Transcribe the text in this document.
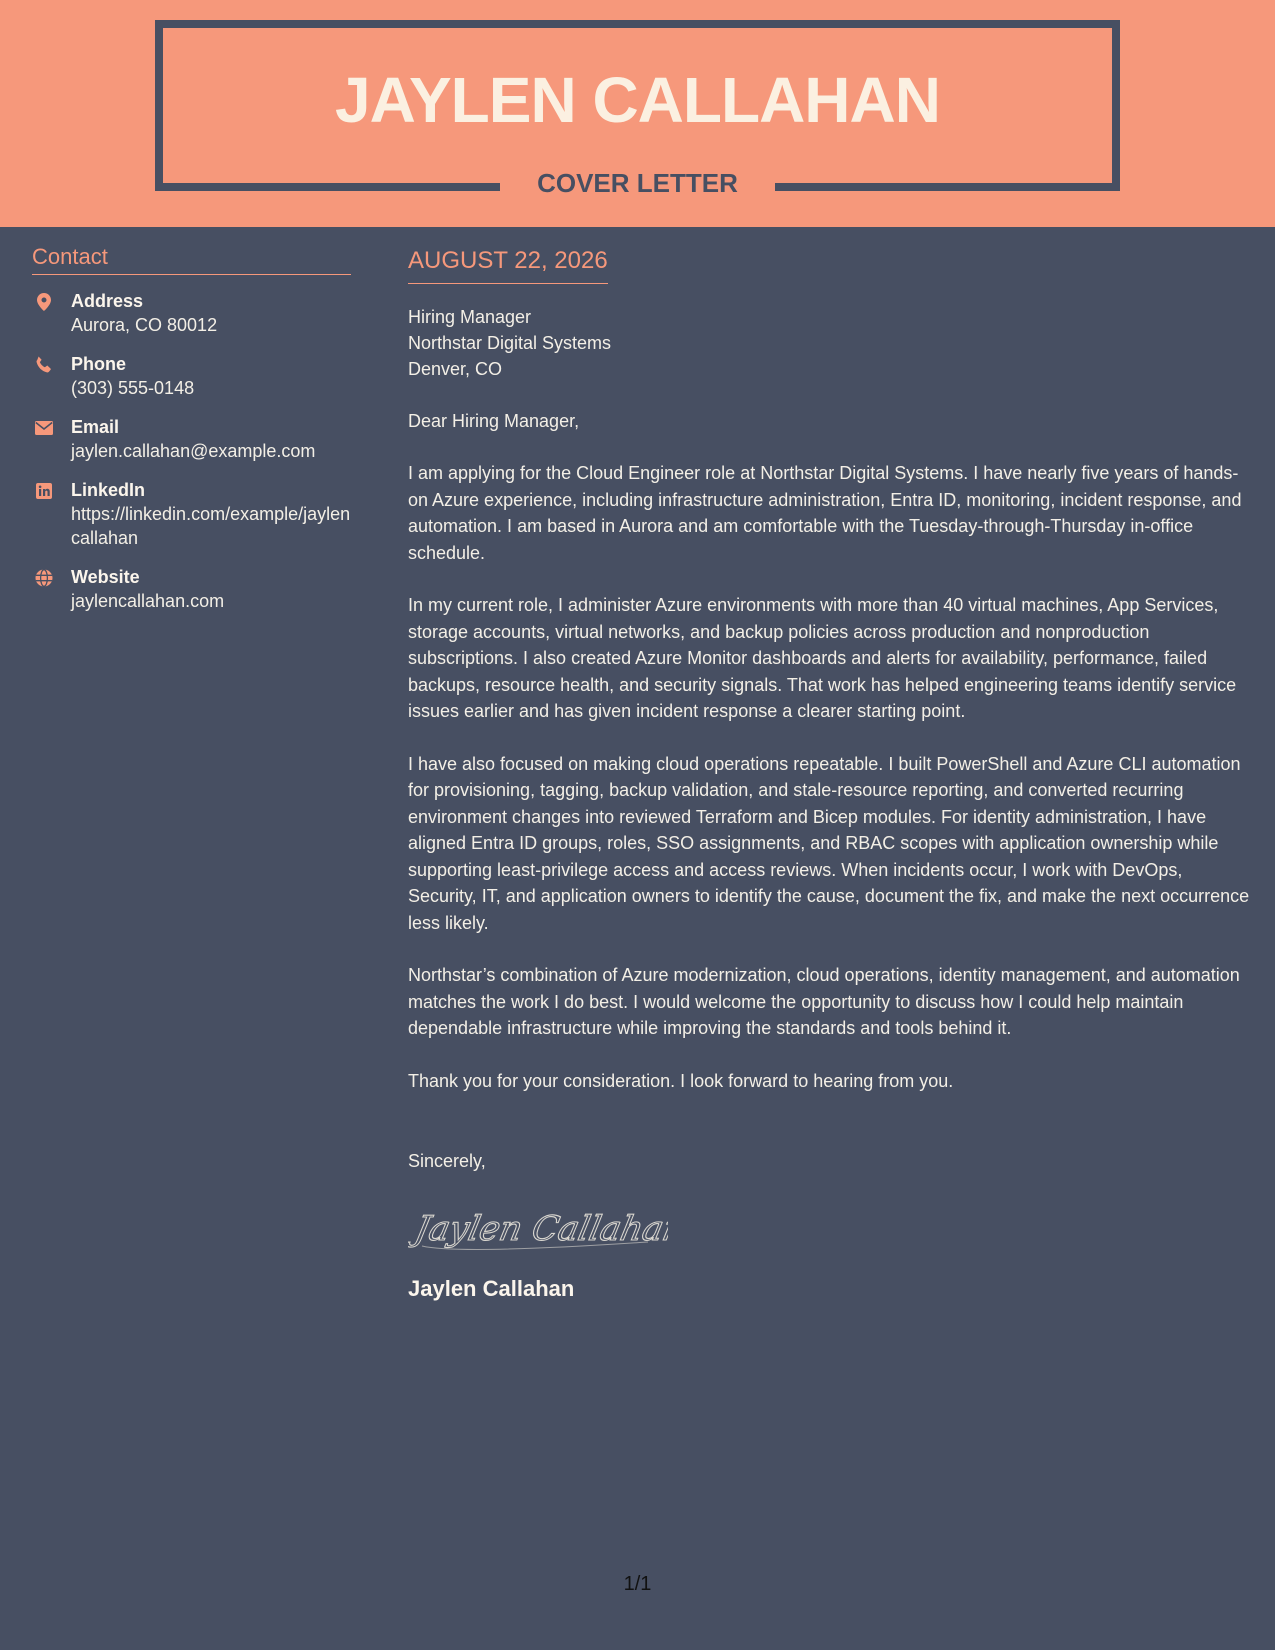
JAYLEN CALLAHAN
COVER LETTER
Contact
Address
Aurora, CO 80012
Phone
(303) 555-0148
Email
jaylen.callahan@example.com
LinkedIn
https://linkedin.com/example/jaylencallahan
Website
jaylencallahan.com
AUGUST 22, 2026
Hiring Manager
Northstar Digital Systems
Denver, CO
Dear Hiring Manager,

I am applying for the Cloud Engineer role at Northstar Digital Systems. I have nearly five years of hands-on Azure experience, including infrastructure administration, Entra ID, monitoring, incident response, and automation. I am based in Aurora and am comfortable with the Tuesday-through-Thursday in-office schedule.

In my current role, I administer Azure environments with more than 40 virtual machines, App Services, storage accounts, virtual networks, and backup policies across production and nonproduction subscriptions. I also created Azure Monitor dashboards and alerts for availability, performance, failed backups, resource health, and security signals. That work has helped engineering teams identify service issues earlier and has given incident response a clearer starting point.

I have also focused on making cloud operations repeatable. I built PowerShell and Azure CLI automation for provisioning, tagging, backup validation, and stale-resource reporting, and converted recurring environment changes into reviewed Terraform and Bicep modules. For identity administration, I have aligned Entra ID groups, roles, SSO assignments, and RBAC scopes with application ownership while supporting least-privilege access and access reviews. When incidents occur, I work with DevOps, Security, IT, and application owners to identify the cause, document the fix, and make the next occurrence less likely.

Northstar’s combination of Azure modernization, cloud operations, identity management, and automation matches the work I do best. I would welcome the opportunity to discuss how I could help maintain dependable infrastructure while improving the standards and tools behind it.

Thank you for your consideration. I look forward to hearing from you.

Sincerely,
Jaylen Callahan
Jaylen Callahan
1/1
